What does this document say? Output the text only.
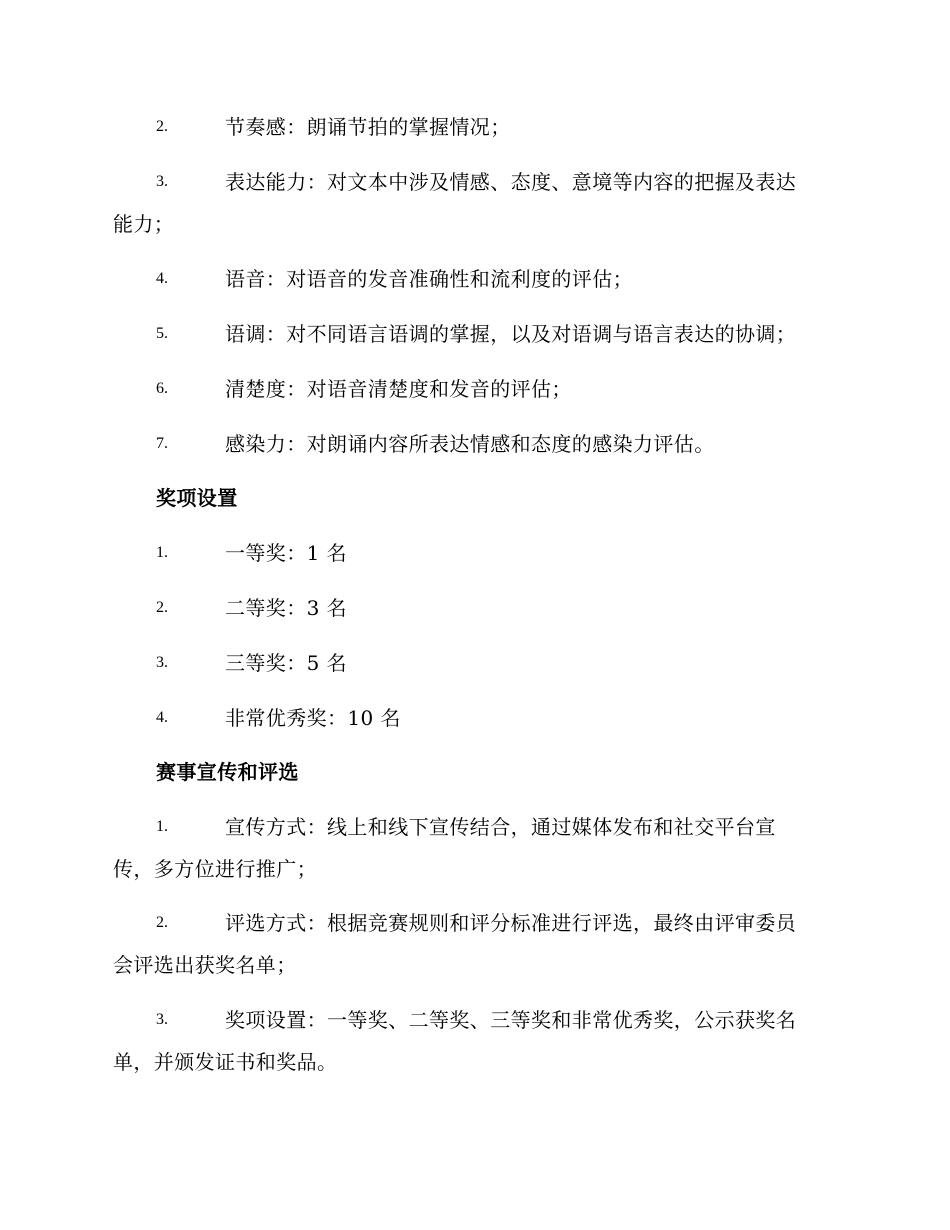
2.	节奏感：朗诵节拍的掌握情况；
3.	表达能力：对文本中涉及情感、态度、意境等内容的把握及表达
能力；
4.	语音：对语音的发音准确性和流利度的评估；
5.	语调：对不同语言语调的掌握，以及对语调与语言表达的协调；
6.	清楚度：对语音清楚度和发音的评估；
7.	感染力：对朗诵内容所表达情感和态度的感染力评估。
奖项设置
1.	一等奖：1 名
2.	二等奖：3 名
3.	三等奖：5 名
4.	非常优秀奖：10 名
赛事宣传和评选
1.	宣传方式：线上和线下宣传结合，通过媒体发布和社交平台宣
传，多方位进行推广；
2.	评选方式：根据竞赛规则和评分标准进行评选，最终由评审委员
会评选出获奖名单；
3.	奖项设置：一等奖、二等奖、三等奖和非常优秀奖，公示获奖名
单，并颁发证书和奖品。
